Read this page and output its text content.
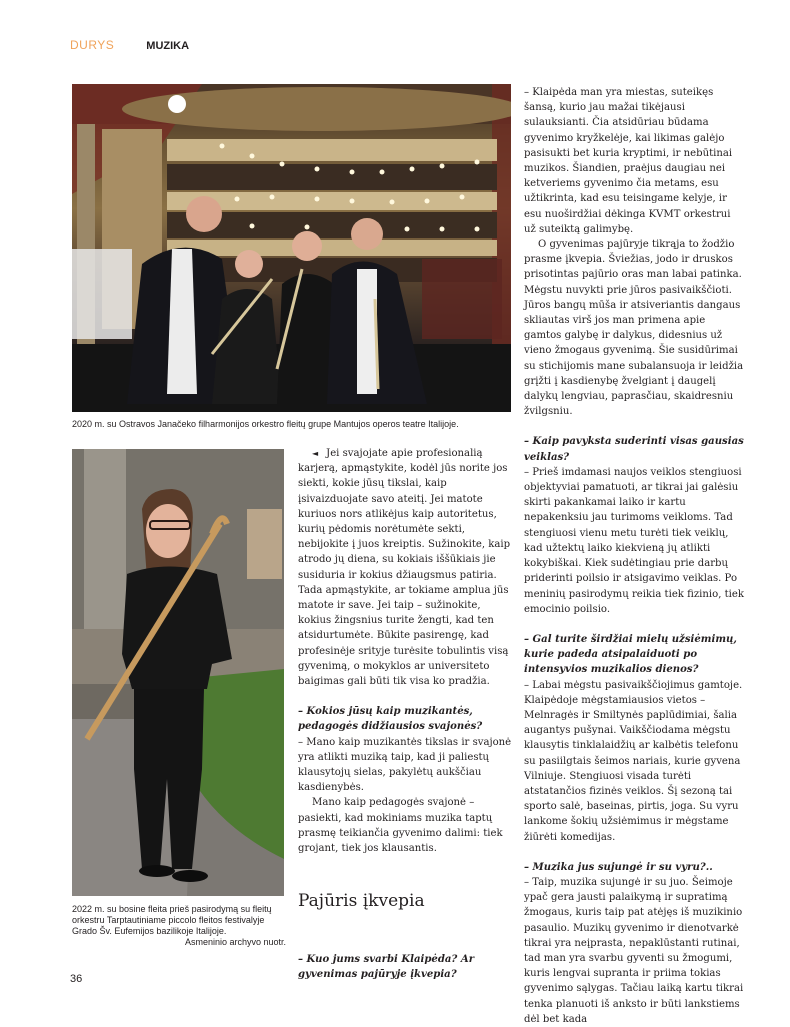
DURYS	MUZIKA
2020 m. su Ostravos Janačeko filharmonijos orkestro fleitų grupe Mantujos operos teatre Italijoje.
2022 m. su bosine fleita prieš pasirodymą su fleitų orkestru Tarptautiniame piccolo fleitos festivalyje Grado Šv. Eufemijos bazilikoje Italijoje.
Asmeninio archyvo nuotr.

◄ Jei svajojate apie profesionalią karjerą, apmąstykite, kodėl jūs norite jos siekti, kokie jūsų tikslai, kaip įsivaizduojate savo ateitį. Jei matote kuriuos nors atlikėjus kaip autoritetus, kurių pėdomis norėtumėte sekti, nebijokite į juos kreiptis. Sužinokite, kaip atrodo jų diena, su kokiais iššūkiais jie susiduria ir kokius džiaugsmus patiria. Tada apmąstykite, ar tokiame amplua jūs matote ir save. Jei taip – sužinokite, kokius žingsnius turite žengti, kad ten atsidurtumėte. Būkite pasirengę, kad profesinėje srityje turėsite tobulintis visą gyvenimą, o mokyklos ar universiteto baigimas gali būti tik visa ko pradžia.

– Kokios jūsų kaip muzikantės, pedagogės didžiausios svajonės?

– Mano kaip muzikantės tikslas ir svajonė yra atlikti muziką taip, kad ji paliestų klausytojų sielas, pakylėtų aukščiau kasdienybės.

Mano kaip pedagogės svajonė – pasiekti, kad mokiniams muzika taptų prasmę teikiančia gyvenimo dalimi: tiek grojant, tiek jos klausantis.

Pajūris įkvepia

– Kuo jums svarbi Klaipėda? Ar gyvenimas pajūryje įkvepia?

– Klaipėda man yra miestas, suteikęs šansą, kurio jau mažai tikėjausi sulauksianti. Čia atsidūriau būdama gyvenimo kryžkelėje, kai likimas galėjo pasisukti bet kuria kryptimi, ir nebūtinai muzikos. Šiandien, praėjus daugiau nei ketveriems gyvenimo čia metams, esu užtikrinta, kad esu teisingame kelyje, ir esu nuoširdžiai dėkinga KVMT orkestrui už suteiktą galimybę.

O gyvenimas pajūryje tikrąja to žodžio prasme įkvepia. Šviežias, jodo ir druskos prisotintas pajūrio oras man labai patinka. Mėgstu nuvykti prie jūros pasivaikščioti. Jūros bangų mūša ir atsiveriantis dangaus skliautas virš jos man primena apie gamtos galybę ir dalykus, didesnius už vieno žmogaus gyvenimą. Šie susidūrimai su stichijomis mane subalansuoja ir leidžia grįžti į kasdienybę žvelgiant į daugelį dalykų lengviau, paprasčiau, skaidresniu žvilgsniu.

– Kaip pavyksta suderinti visas gausias veiklas?

– Prieš imdamasi naujos veiklos stengiuosi objektyviai pamatuoti, ar tikrai jai galėsiu skirti pakankamai laiko ir kartu nepakenksiu jau turimoms veikloms. Tad stengiuosi vienu metu turėti tiek veiklų, kad užtektų laiko kiekvieną jų atlikti kokybiškai. Kiek sudėtingiau prie darbų priderinti poilsio ir atsigavimo veiklas. Po meninių pasirodymų reikia tiek fizinio, tiek emocinio poilsio.

– Gal turite širdžiai mielų užsiėmimų, kurie padeda atsipalaiduoti po intensyvios muzikalios dienos?

– Labai mėgstu pasivaikščiojimus gamtoje. Klaipėdoje mėgstamiausios vietos – Melnragės ir Smiltynės paplūdimiai, šalia augantys pušynai. Vaikščiodama mėgstu klausytis tinklalaidžių ar kalbėtis telefonu su pasiilgtais šeimos nariais, kurie gyvena Vilniuje. Stengiuosi visada turėti atstatančios fizinės veiklos. Šį sezoną tai sporto salė, baseinas, pirtis, joga. Su vyru lankome šokių užsiėmimus ir mėgstame žiūrėti komedijas.

– Muzika jus sujungė ir su vyru?..

– Taip, muzika sujungė ir su juo. Šeimoje ypač gera jausti palaikymą ir supratimą žmogaus, kuris taip pat atėjęs iš muzikinio pasaulio. Muzikų gyvenimo ir dienotvarkė tikrai yra neįprasta, nepaklūstanti rutinai, tad man yra svarbu gyventi su žmogumi, kuris lengvai supranta ir priima tokias gyvenimo sąlygas. Tačiau laiką kartu tikrai tenka planuoti iš anksto ir būti lankstiems dėl bet kada

36
